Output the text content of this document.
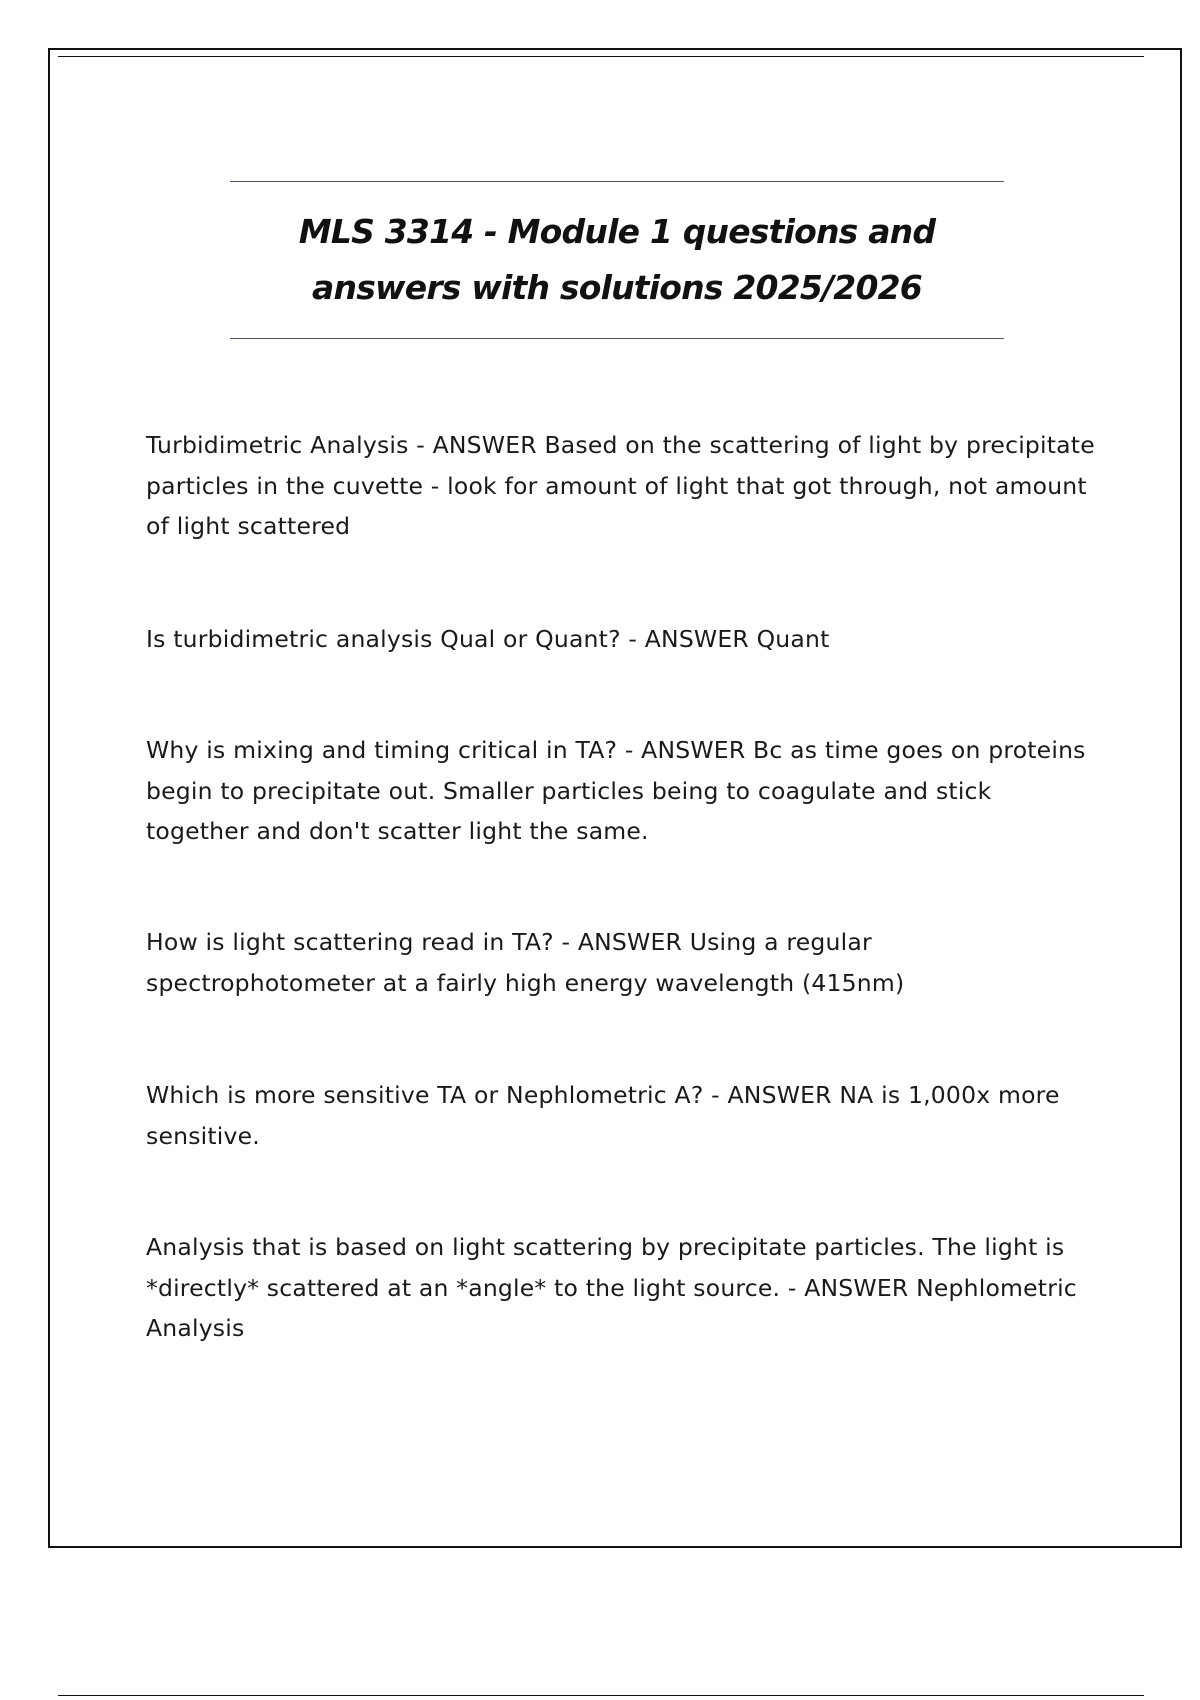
MLS 3314 - Module 1 questions and answers with solutions 2025/2026

Turbidimetric Analysis - ANSWER Based on the scattering of light by precipitate particles in the cuvette - look for amount of light that got through, not amount of light scattered

Is turbidimetric analysis Qual or Quant? - ANSWER Quant

Why is mixing and timing critical in TA? - ANSWER Bc as time goes on proteins begin to precipitate out. Smaller particles being to coagulate and stick together and don't scatter light the same.

How is light scattering read in TA? - ANSWER Using a regular spectrophotometer at a fairly high energy wavelength (415nm)

Which is more sensitive TA or Nephlometric A? - ANSWER NA is 1,000x more sensitive.

Analysis that is based on light scattering by precipitate particles. The light is *directly* scattered at an *angle* to the light source. - ANSWER Nephlometric Analysis
